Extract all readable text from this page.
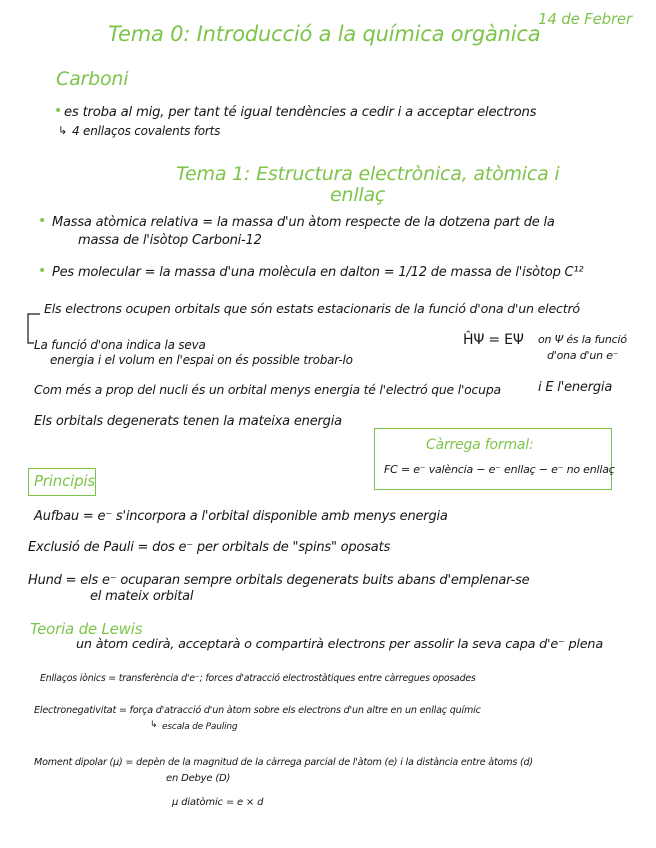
14 de Febrer
Tema 0: Introducció a la química orgànica
Carboni
• es troba al mig, per tant té igual tendències a cedir i a acceptar electrons
↳ 4 enllaços covalents forts
Tema 1: Estructura electrònica, atòmica i
enllaç
• Massa atòmica relativa = la massa d'un àtom respecte de la dotzena part de la
massa de l'isòtop Carboni-12
• Pes molecular = la massa d'una molècula en dalton = 1/12 de massa de l'isòtop C¹²
Els electrons ocupen orbitals que són estats estacionaris de la funció d'ona d'un electró
La funció d'ona indica la seva
energia i el volum en l'espai on és possible trobar-lo
ĤΨ = EΨ on Ψ és la funció
d'ona d'un e⁻
i E l'energia
Com més a prop del nucli és un orbital menys energia té l'electró que l'ocupa
Els orbitals degenerats tenen la mateixa energia
Càrrega formal:
FC = e⁻ valència − e⁻ enllaç − e⁻ no enllaç
Principis
Aufbau = e⁻ s'incorpora a l'orbital disponible amb menys energia
Exclusió de Pauli = dos e⁻ per orbitals de "spins" oposats
Hund = els e⁻ ocuparan sempre orbitals degenerats buits abans d'emplenar-se
el mateix orbital
Teoria de Lewis
un àtom cedirà, acceptarà o compartirà electrons per assolir la seva capa d'e⁻ plena
Enllaços iònics = transferència d'e⁻; forces d'atracció electrostàtiques entre càrregues oposades
Electronegativitat = força d'atracció d'un àtom sobre els electrons d'un altre en un enllaç químic
↳ escala de Pauling
Moment dipolar (μ) = depèn de la magnitud de la càrrega parcial de l'àtom (e) i la distància entre àtoms (d)
en Debye (D)
μ diatòmic = e × d
